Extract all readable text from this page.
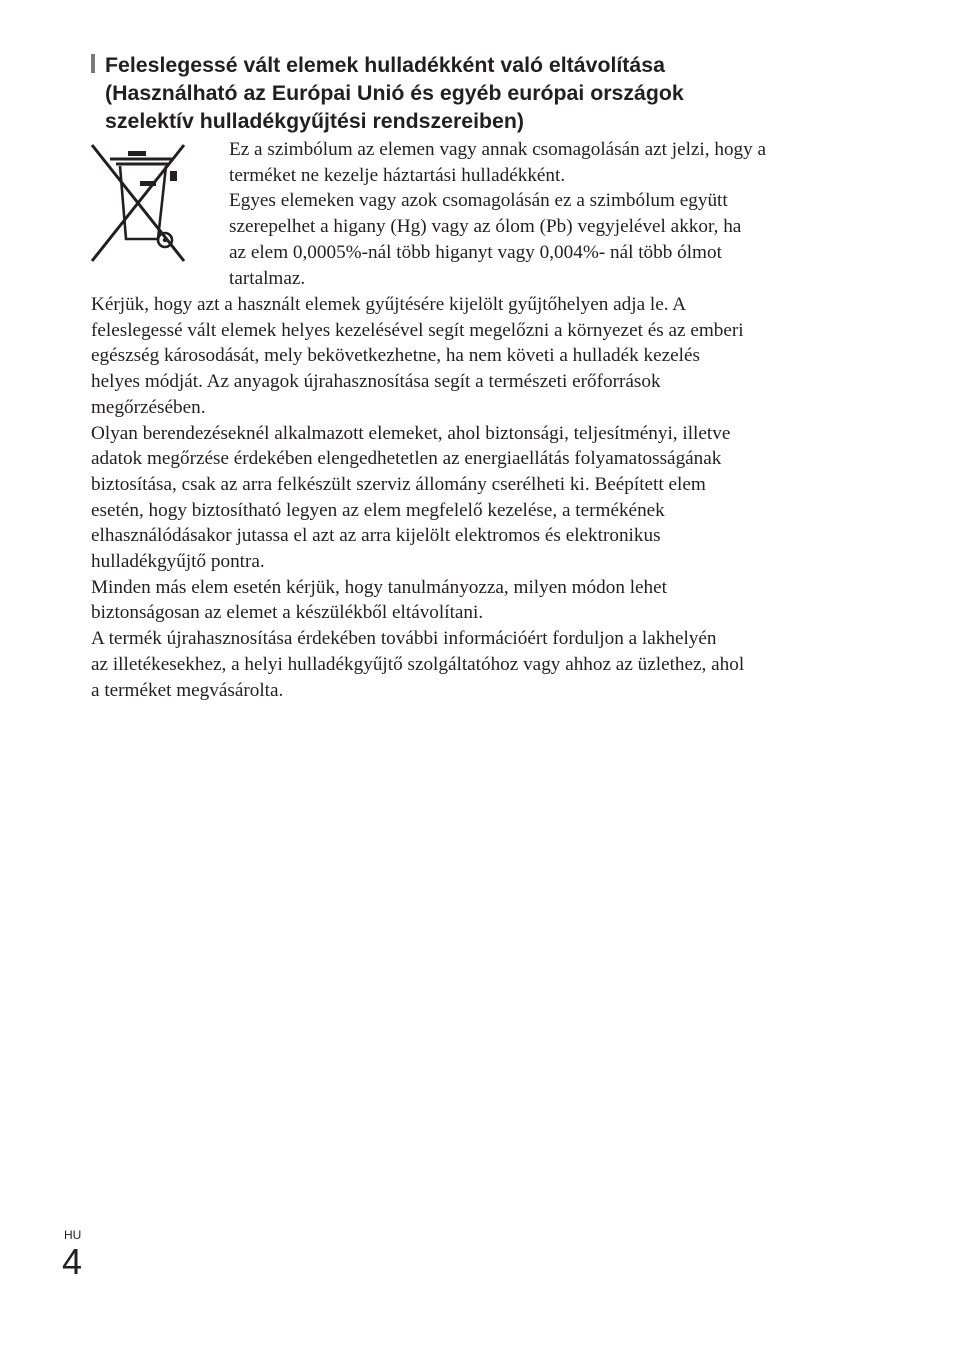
Feleslegessé vált elemek hulladékként való eltávolítása
(Használható az Európai Unió és egyéb európai országok
szelektív hulladékgyűjtési rendszereiben)

Ez a szimbólum az elemen vagy annak csomagolásán azt jelzi, hogy a
terméket ne kezelje háztartási hulladékként.

Egyes elemeken vagy azok csomagolásán ez a szimbólum együtt
szerepelhet a higany (Hg) vagy az ólom (Pb) vegyjelével akkor, ha
az elem 0,0005%-nál több higanyt vagy 0,004%- nál több ólmot
tartalmaz.

Kérjük, hogy azt a használt elemek gyűjtésére kijelölt gyűjtőhelyen adja le. A
feleslegessé vált elemek helyes kezelésével segít megelőzni a környezet és az emberi
egészség károsodását, mely bekövetkezhetne, ha nem követi a hulladék kezelés
helyes módját. Az anyagok újrahasznosítása segít a természeti erőforrások
megőrzésében.

Olyan berendezéseknél alkalmazott elemeket, ahol biztonsági, teljesítményi, illetve
adatok megőrzése érdekében elengedhetetlen az energiaellátás folyamatosságának
biztosítása, csak az arra felkészült szerviz állomány cserélheti ki. Beépített elem
esetén, hogy biztosítható legyen az elem megfelelő kezelése, a termékének
elhasználódásakor jutassa el azt az arra kijelölt elektromos és elektronikus
hulladékgyűjtő pontra.

Minden más elem esetén kérjük, hogy tanulmányozza, milyen módon lehet
biztonságosan az elemet a készülékből eltávolítani.

A termék újrahasznosítása érdekében további információért forduljon a lakhelyén
az illetékesekhez, a helyi hulladékgyűjtő szolgáltatóhoz vagy ahhoz az üzlethez, ahol
a terméket megvásárolta.

HU
4
